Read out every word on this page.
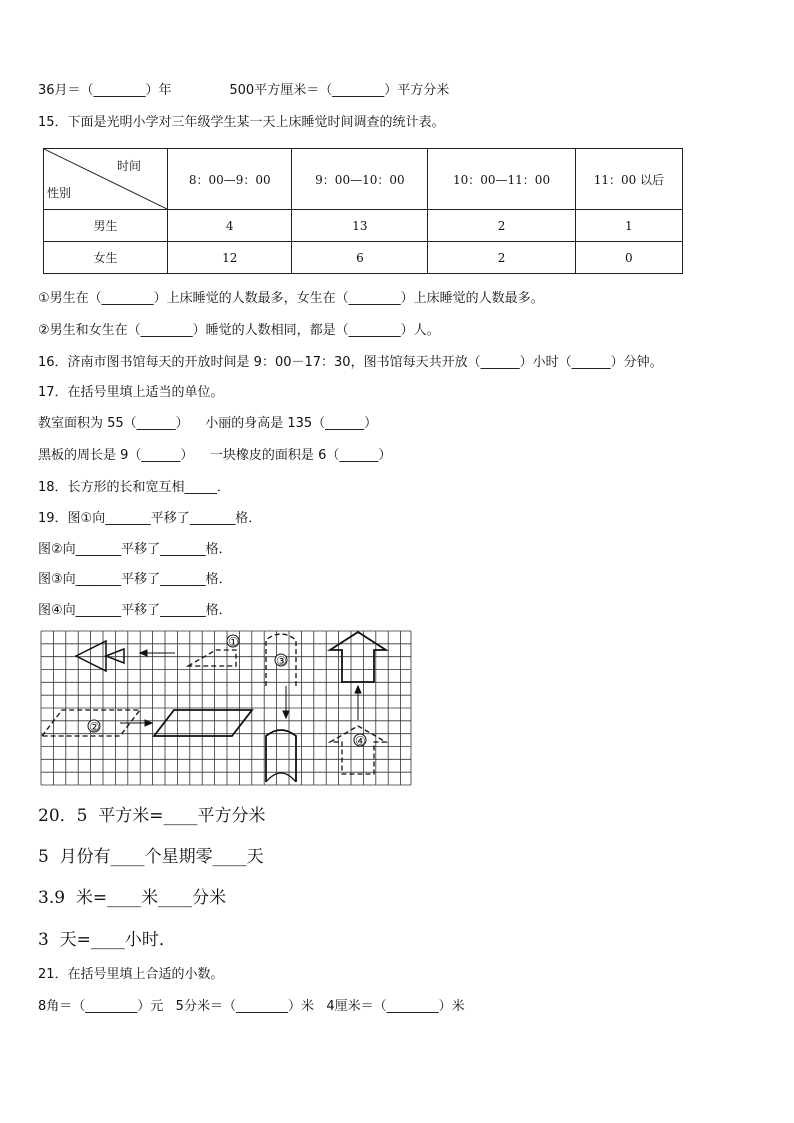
36月＝（________）年              500平方厘米＝（________）平方分米
15．下面是光明小学对三年级学生某一天上床睡觉时间调查的统计表。
时间
性别	8：00—9：00	9：00—10：00	10：00—11：00	11：00 以后
男生	4	13	2	1
女生	12	6	2	0
①男生在（________）上床睡觉的人数最多，女生在（________）上床睡觉的人数最多。
②男生和女生在（________）睡觉的人数相同，都是（________）人。
16．济南市图书馆每天的开放时间是 9：00－17：30，图书馆每天共开放（______）小时（______）分钟。
17．在括号里填上适当的单位。
教室面积为 55（______）    小丽的身高是 135（______）
黑板的周长是 9（______）    一块橡皮的面积是 6（______）
18．长方形的长和宽互相_____．
19．图①向_______平移了_______格．
图②向_______平移了_______格．
图③向_______平移了_______格．
图④向_______平移了_______格．
①
②
③
④
20．5  平方米=____平方分米
5  月份有____个星期零____天
3.9  米=____米____分米
3  天=____小时．
21．在括号里填上合适的小数。
8角＝（________）元   5分米＝（________）米   4厘米＝（________）米
